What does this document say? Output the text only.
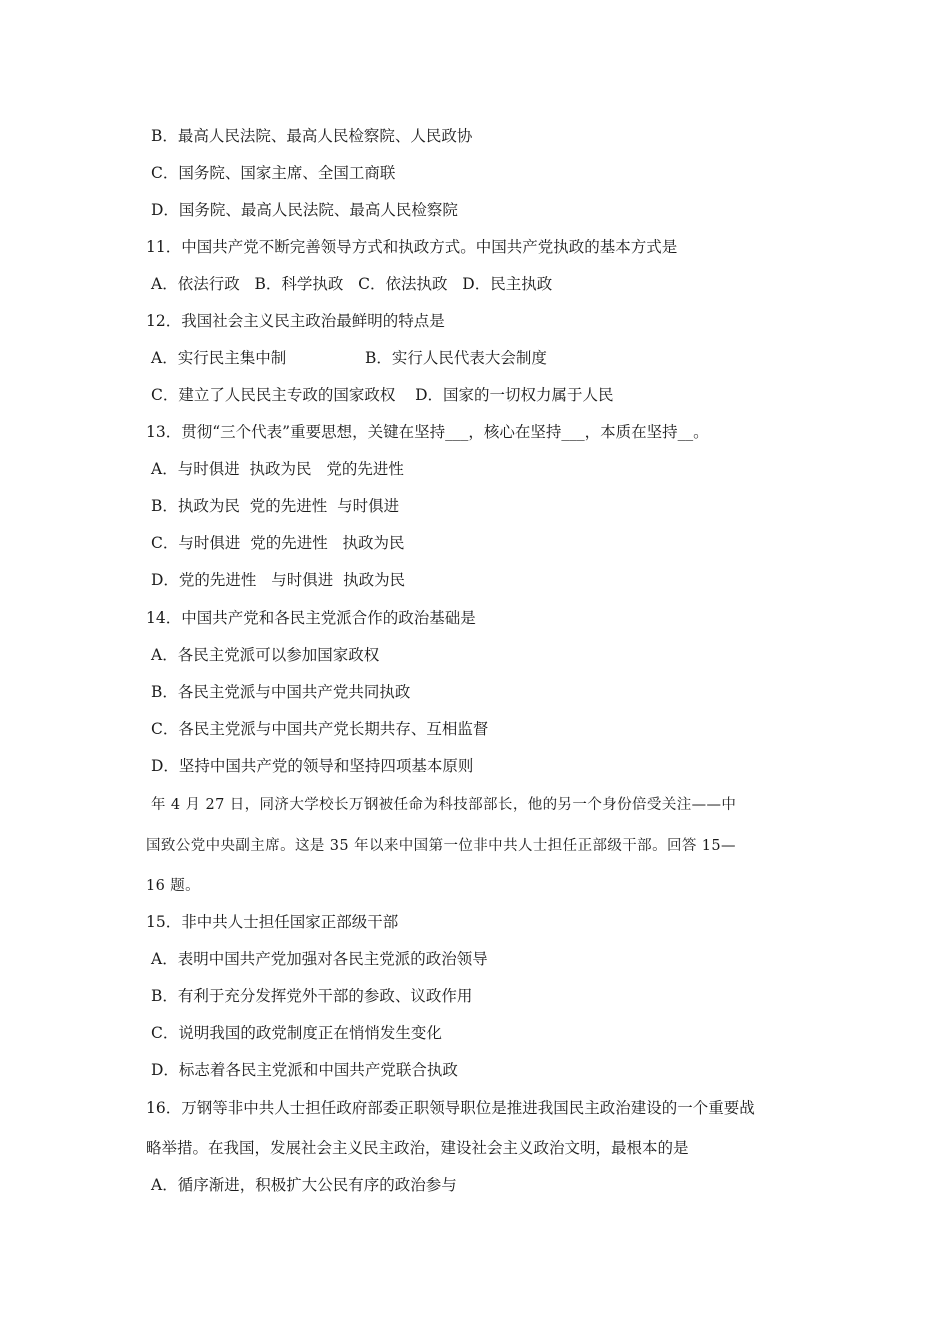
B．最高人民法院、最高人民检察院、人民政协
C．国务院、国家主席、全国工商联
D．国务院、最高人民法院、最高人民检察院
11．中国共产党不断完善领导方式和执政方式。中国共产党执政的基本方式是
A．依法行政   B．科学执政   C．依法执政   D．民主执政
12．我国社会主义民主政治最鲜明的特点是
A．实行民主集中制                B．实行人民代表大会制度
C．建立了人民民主专政的国家政权    D．国家的一切权力属于人民
13．贯彻“三个代表”重要思想，关键在坚持___，核心在坚持___，本质在坚持__。
A．与时俱进  执政为民   党的先进性
B．执政为民  党的先进性  与时俱进
C．与时俱进  党的先进性   执政为民
D．党的先进性   与时俱进  执政为民
14．中国共产党和各民主党派合作的政治基础是
A．各民主党派可以参加国家政权
B．各民主党派与中国共产党共同执政
C．各民主党派与中国共产党长期共存、互相监督
D．坚持中国共产党的领导和坚持四项基本原则
年 4 月 27 日，同济大学校长万钢被任命为科技部部长，他的另一个身份倍受关注——中
国致公党中央副主席。这是 35 年以来中国第一位非中共人士担任正部级干部。回答 15—
16 题。
15．非中共人士担任国家正部级干部
A．表明中国共产党加强对各民主党派的政治领导
B．有利于充分发挥党外干部的参政、议政作用
C．说明我国的政党制度正在悄悄发生变化
D．标志着各民主党派和中国共产党联合执政
16．万钢等非中共人士担任政府部委正职领导职位是推进我国民主政治建设的一个重要战
略举措。在我国，发展社会主义民主政治，建设社会主义政治文明，最根本的是
A．循序渐进，积极扩大公民有序的政治参与
